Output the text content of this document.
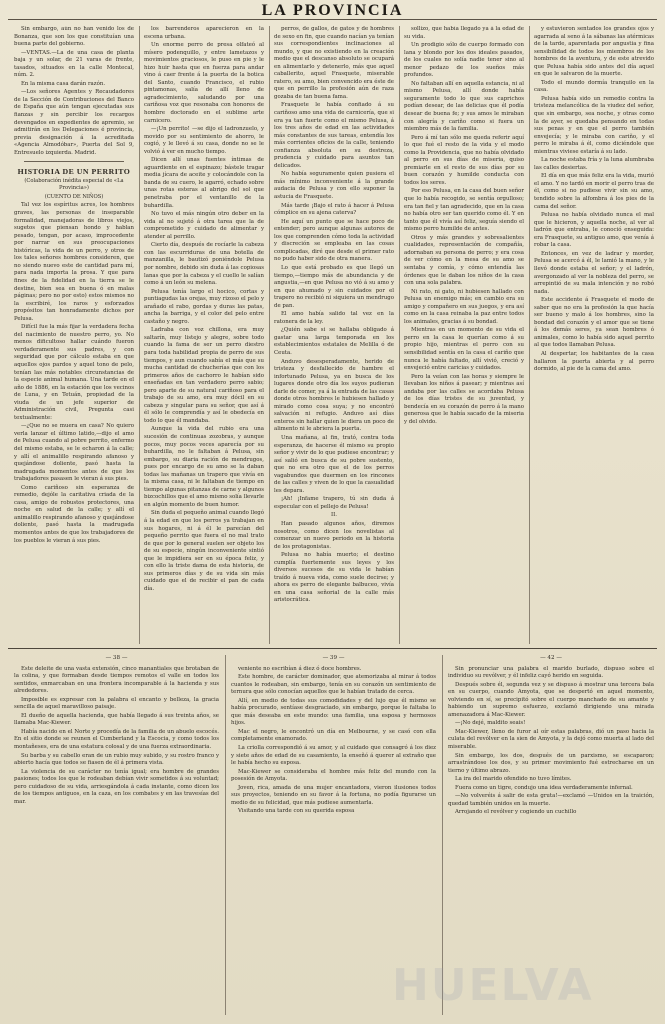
LA PROVINCIA

Sin embargo, aún no han venido los de Bonanza, que son los que constituían una buena parte del gobierno.

—VENTAS.—La de una casa de planta baja y un solar, de 21 varas de frente, tasados, situados en la calle Montecal, núm. 2.

En la misma casa darán razón.

—Los señores Agentes y Recaudadores de la Sección de Contribuciones del Banco de España que aún tengan ejecutadas sus fianzas y sin percibir los recargos devengados en expedientes de apremio, se admitirán en los Delegaciones é provincia, previa designación á la acreditada «Agencia Almodóbar», Puerta del Sol 9, Entresuelo izquierda. Madrid.

HISTORIA DE UN PERRITO

(Colaboración inédita especial de «La Provincia»)

(CUENTO DE NIÑOS)

Tal vez los espíritus acres, los hombres graves, las personas de inseparable formalidad, manejadoras de libros viejos, sugetos que piensan hondo y hablan pesado, tengan, por acaso, improcedente por narrar en sus preocupaciones históricas, la vida de un perro, y otros de los tales señores hombres consideren, que no siendo nuevo este de cantidad para mí, para nada importa la prosa. Y que para fines de la fidelidad en la tierra se le destine, bien sea en buena ó en malas páginas; pero no por esto) estos mismos no la escribiré, los raros y esforzados propósitos tan honradamente dichos por Pelusa.

Difícil fue la más fijar la verdadera fecha del nacimiento de nuestro perro, yo. No menos dificultoso hallar cuándo fueron verdaderamente sus padres, y con seguridad que por cálculo estaba en que aquellos ojos pardos y aquel tono de pelo, tenían las más notables circunstancias de la especie animal humana. Una tarde en el año de 1886, en la estación que los vecinos de Luna, y en Tetuán, propiedad de la viuda de un jefe superior de Administración civil, Pregunta casi textualmente:

—¿Que no se muera en casa? No quiero verla lanzar el último latido,—dijo el amo de Pelusa cuando al pobre perrito, enfermo del mismo estaba, se le echaron á la calle; y allí el animalillo respirando afanoso y quejándose doliente, pasó hasta la madrugada momentos antes de que los trabajadores pasasen le vieran á sus pies.

Como cariñoso sin esperanza de remedio, dejóle la caritativa criada de la casa, amigo de robustos protectores, una noche en salud de la calle; y allí el animalillo respirando afanoso y quejándose doliente, pasó hasta la madrugada momentos antes de que los trabajadores de los pueblos le vieran á sus pies.

los barrenderos aparecieron en la escena urbana.

Un enorme perro de presa olfateó al mísero podenquillo, y entre lametazos y movimientos graciosos, le puso en pie y le hizo huir hasta que en fuerza para andar vino á caer frente á la puerta de la botica del Santo, cuando Francisco, el rubio pintamonas, salía de allí lleno de agradecimiento, saludando por una cariñosa voz que resonaba con honores de hombre doctorado en el sublime arte carnicero.

—¡Un perrito! —se dijo el ladronzuelo, y movido por su sentimiento de ahorro, le cogió, y le llevó á su casa, donde no se le volvió á ver en mucho tiempo.

Dicen allí unas fuentes íntimas de aguardiente en el espinazo; bástele tragar media jícara de aceite y colocándole con la banda de su cuero, le agarró, echado sobre unas rotas esteras al abrigo del sol que penetraba por el ventanillo de la buhardilla.

No tuvo el más ningún otro deber en la vida al no sujetó á otra tarea que la de comprometido y cuidado de alimentar y atender al perrillo.

Cierto día, después de rocíarle la cabeza con las escurriduras de una botella de manzanilla, le bautizó poniéndole Pelusa por nombre, debido sin duda á las copiosas lanas que por la cabeza y el cuello le salían como á un león su melena.

Pelusa tenía largo el hocico, cortas y puntiagudas las orejas, muy rizoso el pelo y arañado el rabo, gordas y duras las patas, ancha la barriga, y el color del pelo entre castaño y negro.

Ladraba con voz chillona, era muy saltarín, muy listejo y alegre, sobre todo cuando la fama de ser un perro diestro para toda habilidad propia de perro de sus tiempos, y aun cuando sabía el más que su mucha cantidad de chucherías que con los primeros años de cachorro le habían sido enseñadas en tan verdadero perro sabio; pero aparte de su natural cariñoso para el trabajo de su amo, era muy dócil en su cabeza y singular para su señor, que así á él sólo le comprendía y así le obedecía en todo lo que él mandaba.

Aunque la vida del rubio era una sucesión de continuas zozobras, y aunque pocos, muy pocos veces aparecía por su buhardilla, no le faltaban á Pelusa, sin embargo, su diaria ración de mendrugos, pues por encargo de su amo se la daban todas las mañanas un trapero que vivía en la misma casa, ni le faltaban de tiempo en tiempo algunas pitanzas de carne y algunos bizcochillos que el amo mismo solía llevarle en algún momento de buen humor.

Sin duda el pequeño animal cuando llegó á la edad en que los perros ya trabajan en sus hogares, ni á él le parecían del pequeño perrito que fuera el no mal trato de que por lo general suelen ser objeto los de su especie, ningún inconveniente sintió que le impidiera ser en su época feliz, y con ello la triste dama de esta historia, de sus primeros días y de su vida sin más cuidado que el de recibir el pan de cada día.

perros, de gallos, de gatos y de hombres de sexo en fin, que cuando nacían ya tenían sus correspondientes inclinaciones al mundo, y que no existiendo en la creación medio que el descanso absoluto se ocupará en alimentarlo y detenerlo, más que aquel caballerito, aquel Frasquete, miserable ratero, su amo, bien convencido era éste de que en perrillo la profesión aún de raza gozaba de tan buena fama.

Frasquete le había confiado á su cariñoso amo una vida de carnicería, que si era ya tan fuerte como el mismo Pelusa, á los tres años de edad en las actividades más constantes de sus tareas, entendía los más corrientes oficios de la calle, teniendo confianza absoluta en su destreza, prudencia y cuidado para asuntos tan delicados.

No había seguramente quien pusiera el más mínimo inconveniente á la grande audacia de Pelusa y con ello suponer la astucia de Frasquete.

Más tarde ¡Bajo el rato á hacer á Pelusa cómplice en su ajena caterva?

He aquí un punto que se hace poco de entender; pero aunque algunas autores de los que comprenden cómo toda la actividad y discreción se empleaba en las cosas complicadas, diré que desde el primer rato no pudo haber sido de otra manera.

Lo que está probado es que llegó un tiempo,—tiempo más de abundancia y de angustia,—en que Pelusa no vió á su amo y en que ahumado y sin cuidados por el trapero no recibió ni siquiera un mendrugo de pan.

El amo había salido tal vez en la ratonera de la ley.

¿Quién sabe si se hallaba obligado á gastar una larga temporada en los establecimientos estatales de Melilla ó de Ceuta.

Anduvo desesperadamente, herido de tristeza y desfallecido de hambre el infortunado Pelusa, ya en busca de los lugares donde otro día los suyos pudieran darle de comer, ya á la entrada de las casas donde otros hombres le hubiesen hallado y mirado como cosa suya; y no encontró salvación ni refugio. Anduvo así días enteros sin hallar quien le diera un poco de alimento ni le abriera la puerta.

Una mañana, al fin, trató, contra toda esperanza, de hacerse él mismo su propio señor y vivir de lo que pudiese encontrar; y así salió en busca de su pobre sustento, que no era otro que el de los perros vagabundos que duermen en los rincones de las calles y viven de lo que la casualidad les depara.

¡Ah! ¡Infame trapero, tú sin duda á especular con el pellejo de Pelusa!

II.

Han pasado algunos años, diremos nosotros, como dicen los novelistas al comenzar un nuevo periodo en la historia de los protagonistas.

Pelusa no había muerto; el destino cumplía fuertemente sus leyes y los diversos sucesos de su vida le habían traído á nueva vida, como suele decirse; y ahora es perro de elegante balbuceo, vivía en una casa señorial de la calle más aristocrática.

sollizo, que había llegado ya á la edad de su vida.

Un prodigio sólo de cuerpo formado con lana y blondo por los dos ideales pasados, de los cuales no solía nadie tener sino al menor pedazo de los sueños más profundos.

No faltaban allí en aquella estancia, ni al mismo Pelusa, allí donde había seguramente todo lo que sus caprichos podían desear, de las delicias que él podía desear de buena fe; y sus amos le miraban con alegría y cariño como si fuera un miembro más de la familia.

Pero á mí tan sólo me queda referir aquí lo que fué el resto de la vida y el modo como la Providencia, que no había olvidado al perro en sus días de miseria, quiso premiarle en el resto de sus días por su buen corazón y humilde conducta con todos los seres.

Por eso Pelusa, en la casa del buen señor que lo había recogido, se sentía orgulloso; era tan fiel y tan agradecido, que en la casa no había otro ser tan querido como él. Y en tanto que él vivía así feliz, seguía siendo el mismo perro humilde de antes.

Otros y más grandes y sobresalientes cualidades, representación de compañía, adornaban su persona de perro; y era cosa de ver cómo en la mesa de su amo se sentaba y comía, y cómo entendía las órdenes que le daban los niños de la casa con una sola palabra.

Ni rato, ni gato, ni hubiesen hallado con Pelusa un enemigo más; en cambio era su amigo y compañero en sus juegos, y era así como en la casa reinaba la paz entre todos los animales, gracias á su bondad.

Mientras en un momento de su vida el perro en la casa le querían como á su propio hijo, mientras el perro con su sensibilidad sentía en la casa el cariño que nunca le había faltado, allí vivió, creció y envejeció entre caricias y cuidados.

Pero la veían con las horas y siempre le llevaban los niños á pasear; y mientras así andaba por las calles se acordaba Pelusa de los días tristes de su juventud, y bendecía en su corazón de perro á la mano generosa que le había sacado de la miseria y del olvido.

y estuvieron sentados los grandes ojos y agarrada al seno á la sábanas las atérmicas de la tarde, aparentada por angustia y fina sensibilidad de todos los miembros de los hombres de la aventura, y de este atrevido que Pelusa había sido antes del día aquel en que le salvaron de la muerte.

Todo el mundo dormía tranquilo en la casa.

Pelusa había sido un remedio contra la tristeza melancólica de la viudez del señor, que sin embargo, sea noche, y otras como la de ayer, se quedaba pensando en todas sus penas y en que el perro también envejecía; y le miraba con cariño, y el perro le miraba á él, como diciéndole que mientras viviese estaría á su lado.

La noche estaba fría y la luna alumbraba las calles desiertas.

El día en que más feliz era la vida, murió el amo. Y no tardó en morir el perro tras de él, como si no pudiese vivir sin su amo, tendido sobre la alfombra á los pies de la cama del señor.

Pelusa no había olvidado nunca el mal que le hicieron, y aquella noche, al ver al ladrón que entraba, le conoció enseguida: era Frasquete, su antiguo amo, que venía á robar la casa.

Entonces, en vez de ladrar y morder, Pelusa se acercó á él, le lamió la mano, y le llevó donde estaba el señor; y el ladrón, avergonzado al ver la nobleza del perro, se arrepintió de su mala intención y no robó nada.

Este accidente á Frasquete el modo de saber que no era la profesión la que hacía ser bueno y malo á los hombres, sino la bondad del corazón y el amor que se tiene á los demás seres, ya sean hombres ó animales, como lo había sido aquel perrito al que todos llamaban Pelusa.

Al despertar, los habitantes de la casa hallaron la puerta abierta y al perro dormido, al pie de la cama del amo.

— 38 —

Este deleite de una vasta extensión, cinco manantiales que brotaban de la colina, y que formaban desde tiempos remotos el valle en todos los sentidos, enmarcaban en una frontera incomparable á la hacienda y sus alrededores.

Imposible es expresar con la palabra el encanto y belleza, la gracia sencilla de aquel maravilloso paisaje.

El dueño de aquella hacienda, que había llegado á sus treinta años, se llamaba Mac-Kiewer.

Había nacido en el Norte y procedía de la familia de un abuelo escocés. En el sitio donde se reunen el Cumberland y la Escocia, y como todos los montañeses, era de una estatura colosal y de una fuerza extraordinaria.

Su barba y su cabello eran de un rubio muy subido, y su rostro franco y abierto hacía que todos se fiasen de él á primera vista.

La violencia de su carácter no tenía igual; era hombre de grandes pasiones; todos los que le rodeaban debían vivir sometidos á su voluntad; pero cuidadoso de su vida, arriesgándola á cada instante, como dicen los de los tiempos antiguos, en la caza, en los combates y en las travesías del mar.

— 39 —

veniente no escribían á diez ó doce hombres.

Este hombre, de carácter dominador, que atemorizaba al mirar á todos cuantos le rodeaban, sin embargo, tenía en su corazón un sentimiento de ternura que sólo conocían aquellos que le habían tratado de cerca.

Allí, en medio de todas sus comodidades y del lujo que él mismo se había procurado, sentíase desgraciado, sin embargo, porque le faltaba lo que más deseaba en este mundo: una familia, una esposa y hermosos hijos.

Mac el negro, le encontró un día en Melbourne, y se casó con ella completamente enamorado.

La criolla correspondió á su amor, y al cuidado que consagró á los diez y siete años de edad de su casamiento, la enseñó á querer al extraño que le había hecho su esposa.

Mac-Kiewer se consideraba el hombre más feliz del mundo con la posesión de Amyota.

Joven, rica, amada de una mujer encantadora, vieron ilusiones todos sus proyectos, teniendo en su favor á la fortuna, no podía figurarse un medio de su felicidad, que más pudiese aumentarla.

Visitando una tarde con su querida esposa

— 42 —

Sin pronunciar una palabra el marido burlado, dispuso sobre el individuo su revólver, y él infeliz cayó herido en seguida.

Después sobre él, segunda vez y se dispuso á mostrar una tercera bala en su cuerpo, cuando Amyota, que se despertó en aquel momento, volviendo en sí, se precipitó sobre el cuerpo manchado de su amante y habiendo un supremo esfuerzo, exclamó dirigiendo una mirada amenazadora á Mac-Kiewer.

—¡No dejé, maldito seais!

Mac-Kiewer, lleno de furor al oír estas palabras, dió un paso hacia la culata del revólver en la sien de Amyota, y la dejó como muerta al lado del miserable.

Sin embargo, los dos, después de un parxismo, se escaparon; arrastrándose los dos, y su primer movimiento fué estrecharse en un tierno y último abrazo.

La ira del marido ofendido no tuvo límites.

Fuera como un tigre, condujo una idea verdaderamente infernal.

—No volveréis á salir de esta gruta!—exclamó —Unidos en la traición, quedad también unidos en la muerte.

Arrojando el revólver y cogiendo un cuchillo

HUELVA
